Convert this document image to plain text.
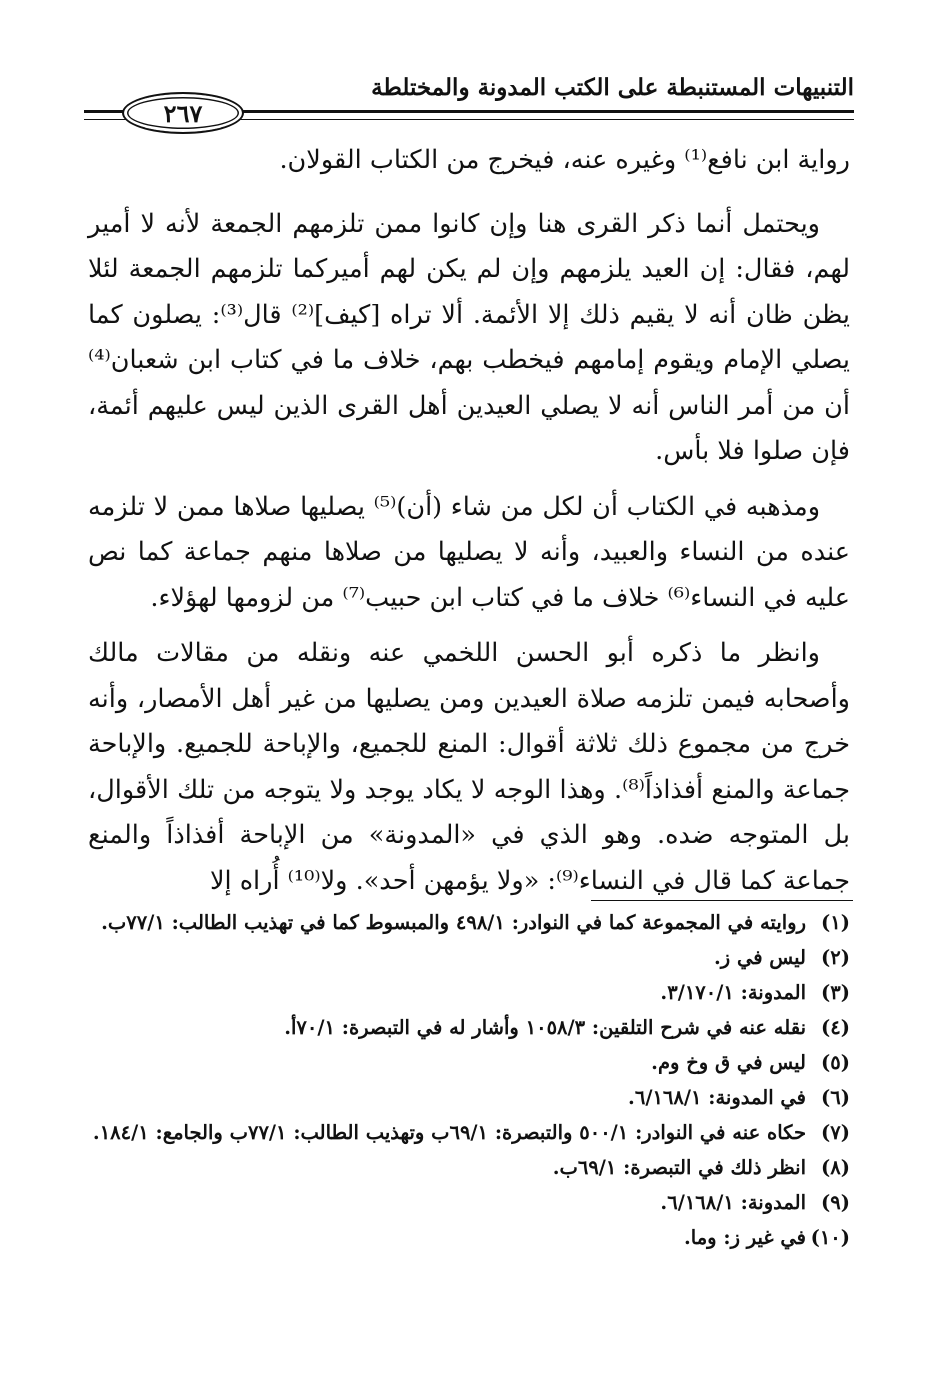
التنبيهات المستنبطة على الكتب المدونة والمختلطة
٢٦٧

رواية ابن نافع⁽¹⁾ وغيره عنه، فيخرج من الكتاب القولان.

ويحتمل أنما ذكر القرى هنا وإن كانوا ممن تلزمهم الجمعة لأنه لا أمير لهم، فقال: إن العيد يلزمهم وإن لم يكن لهم أميركما تلزمهم الجمعة لئلا يظن ظان أنه لا يقيم ذلك إلا الأئمة. ألا تراه [كيف]⁽²⁾ قال⁽³⁾: يصلون كما يصلي الإمام ويقوم إمامهم فيخطب بهم، خلاف ما في كتاب ابن شعبان⁽⁴⁾ أن من أمر الناس أنه لا يصلي العيدين أهل القرى الذين ليس عليهم أئمة، فإن صلوا فلا بأس.

ومذهبه في الكتاب أن لكل من شاء (أن)⁽⁵⁾ يصليها صلاها ممن لا تلزمه عنده من النساء والعبيد، وأنه لا يصليها من صلاها منهم جماعة كما نص عليه في النساء⁽⁶⁾ خلاف ما في كتاب ابن حبيب⁽⁷⁾ من لزومها لهؤلاء.

وانظر ما ذكره أبو الحسن اللخمي عنه ونقله من مقالات مالك وأصحابه فيمن تلزمه صلاة العيدين ومن يصليها من غير أهل الأمصار، وأنه خرج من مجموع ذلك ثلاثة أقوال: المنع للجميع، والإباحة للجميع. والإباحة جماعة والمنع أفذاذاً⁽⁸⁾. وهذا الوجه لا يكاد يوجد ولا يتوجه من تلك الأقوال، بل المتوجه ضده. وهو الذي في «المدونة» من الإباحة أفذاذاً والمنع جماعة كما قال في النساء⁽⁹⁾: «ولا يؤمهن أحد». ولا⁽¹⁰⁾ أُراه إلا

(١)
روايته في المجموعة كما في النوادر: ٤٩٨/١ والمبسوط كما في تهذيب الطالب: ٧٧/١ب.
(٢)
ليس في ز.
(٣)
المدونة: ٣/١٧٠/١.
(٤)
نقله عنه في شرح التلقين: ١٠٥٨/٣ وأشار له في التبصرة: ٧٠/١أ.
(٥)
ليس في ق وخ وم.
(٦)
في المدونة: ٦/١٦٨/١.
(٧)
حكاه عنه في النوادر: ٥٠٠/١ والتبصرة: ٦٩/١ب وتهذيب الطالب: ٧٧/١ب والجامع: ١٨٤/١.
(٨)
انظر ذلك في التبصرة: ٦٩/١ب.
(٩)
المدونة: ٦/١٦٨/١.
(١٠)
في غير ز: وما.
